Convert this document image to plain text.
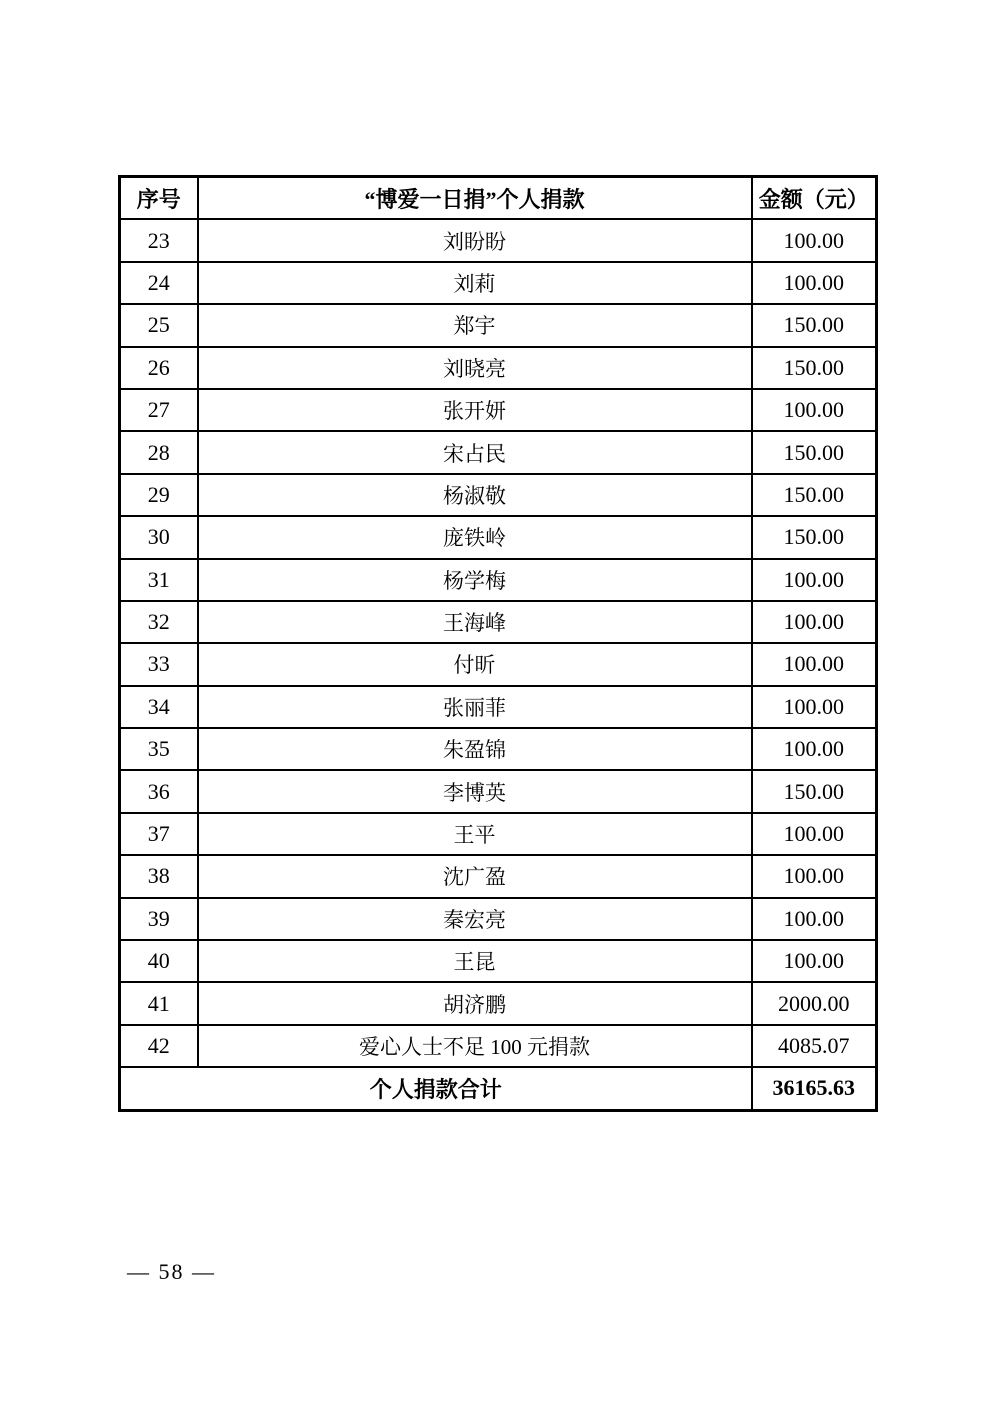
序号	“博爱一日捐”个人捐款	金额（元）
23	刘盼盼	100.00
24	刘莉	100.00
25	郑宇	150.00
26	刘晓亮	150.00
27	张开妍	100.00
28	宋占民	150.00
29	杨淑敬	150.00
30	庞铁岭	150.00
31	杨学梅	100.00
32	王海峰	100.00
33	付昕	100.00
34	张丽菲	100.00
35	朱盈锦	100.00
36	李博英	150.00
37	王平	100.00
38	沈广盈	100.00
39	秦宏亮	100.00
40	王昆	100.00
41	胡济鹏	2000.00
42	爱心人士不足 100 元捐款	4085.07
个人捐款合计		36165.63
— 58 —
